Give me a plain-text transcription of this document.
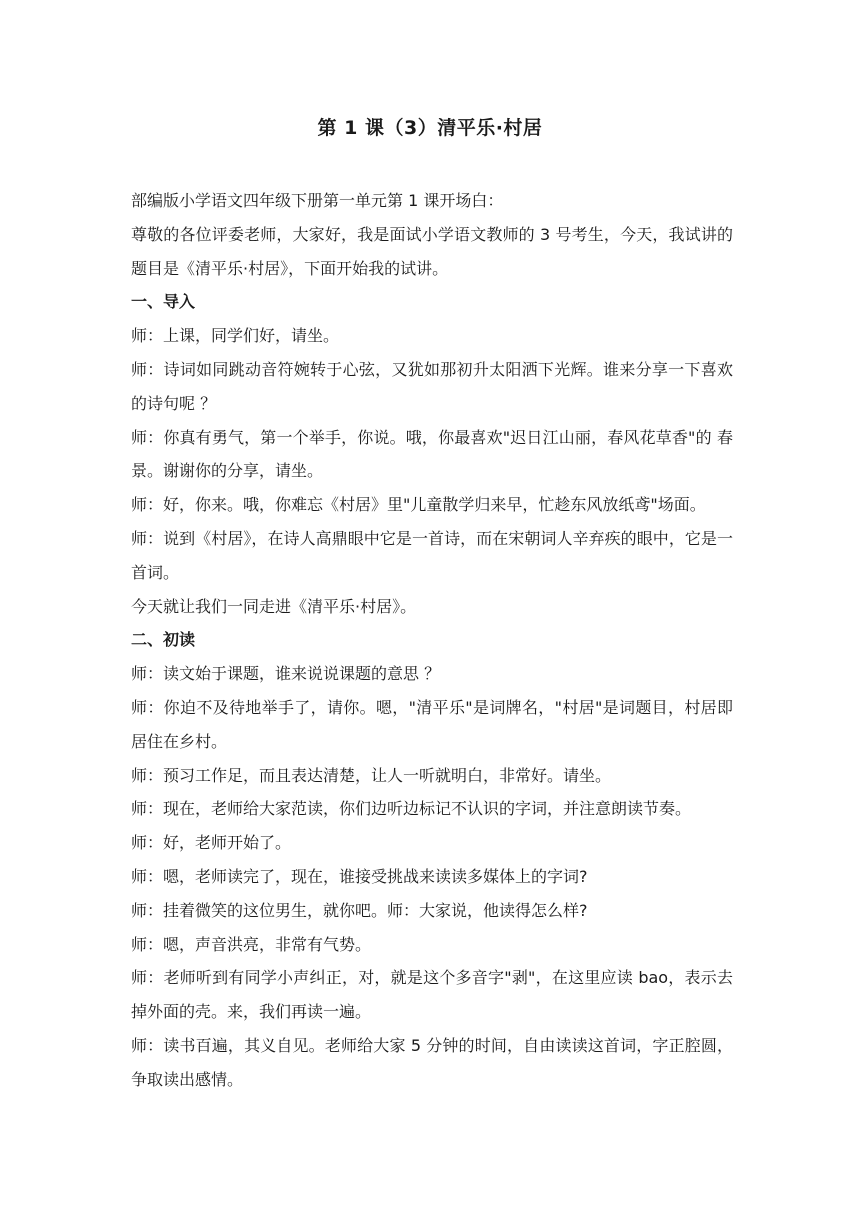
第 1 课（3）清平乐·村居

部编版小学语文四年级下册第一单元第 1 课开场白：

尊敬的各位评委老师，大家好，我是面试小学语文教师的 3 号考生，今天，我试讲的题目是《清平乐·村居》，下面开始我的试讲。

一、导入

师：上课，同学们好，请坐。

师：诗词如同跳动音符婉转于心弦，又犹如那初升太阳洒下光辉。谁来分享一下喜欢的诗句呢 ？

师：你真有勇气，第一个举手，你说。哦，你最喜欢"迟日江山丽，春风花草香"的 春景。谢谢你的分享，请坐。

师：好，你来。哦，你难忘《村居》里"儿童散学归来早，忙趁东风放纸鸢"场面。

师：说到《村居》，在诗人高鼎眼中它是一首诗，而在宋朝词人辛弃疾的眼中，它是一首词。

今天就让我们一同走进《清平乐·村居》。

二、初读

师：读文始于课题，谁来说说课题的意思 ？

师：你迫不及待地举手了，请你。嗯，"清平乐"是词牌名，"村居"是词题目，村居即居住在乡村。

师：预习工作足，而且表达清楚，让人一听就明白，非常好。请坐。

师：现在，老师给大家范读，你们边听边标记不认识的字词，并注意朗读节奏。

师：好，老师开始了。

师：嗯，老师读完了，现在，谁接受挑战来读读多媒体上的字词?

师：挂着微笑的这位男生，就你吧。师：大家说，他读得怎么样?

师：嗯，声音洪亮，非常有气势。

师：老师听到有同学小声纠正，对，就是这个多音字"剥"，在这里应读 bao，表示去掉外面的壳。来，我们再读一遍。

师：读书百遍，其义自见。老师给大家 5 分钟的时间，自由读读这首词，字正腔圆，争取读出感情。
